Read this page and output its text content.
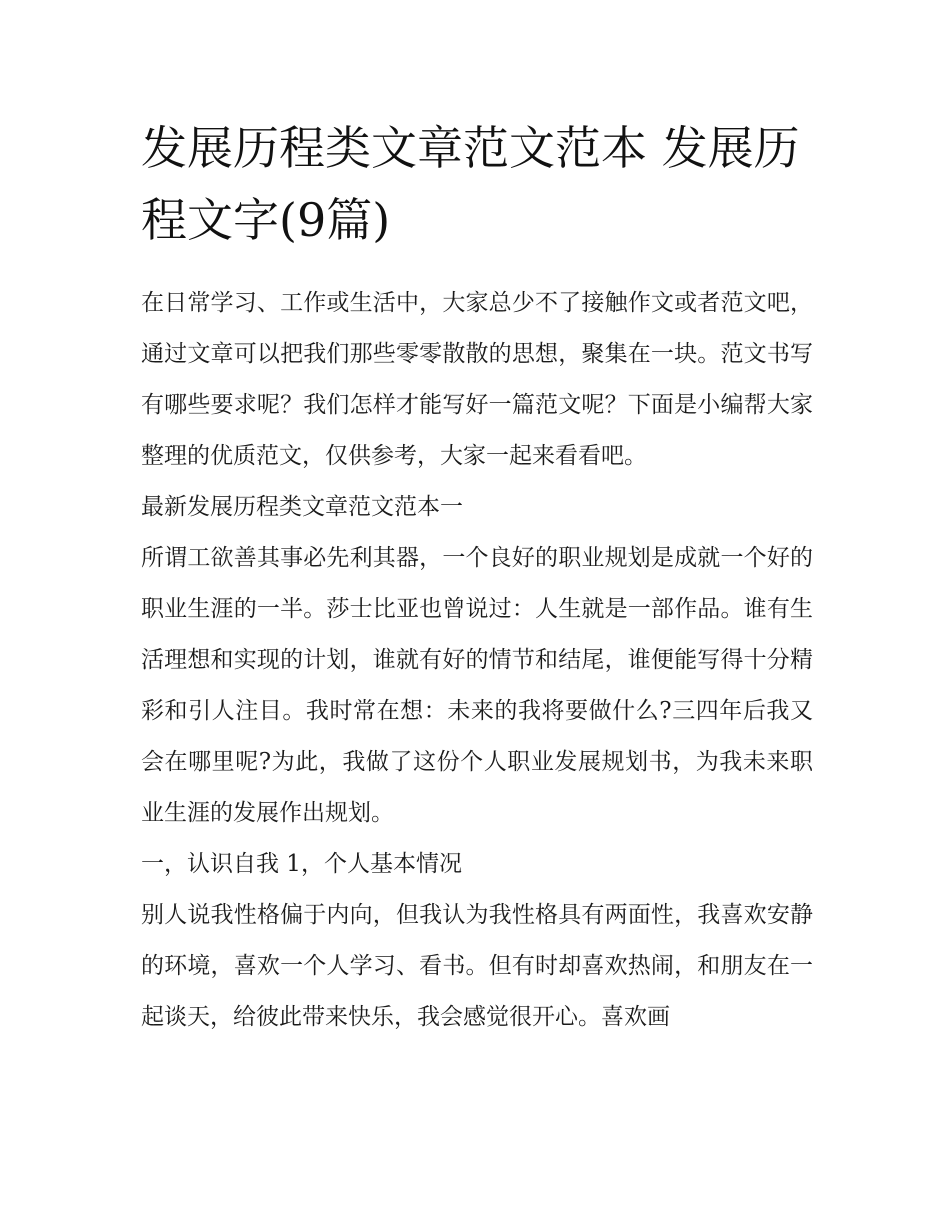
发展历程类文章范文范本 发展历程文字(9篇)

在日常学习、工作或生活中，大家总少不了接触作文或者范文吧，通过文章可以把我们那些零零散散的思想，聚集在一块。范文书写有哪些要求呢？我们怎样才能写好一篇范文呢？下面是小编帮大家整理的优质范文，仅供参考，大家一起来看看吧。

最新发展历程类文章范文范本一

所谓工欲善其事必先利其器，一个良好的职业规划是成就一个好的职业生涯的一半。莎士比亚也曾说过：人生就是一部作品。谁有生活理想和实现的计划，谁就有好的情节和结尾，谁便能写得十分精彩和引人注目。我时常在想：未来的我将要做什么?三四年后我又会在哪里呢?为此，我做了这份个人职业发展规划书，为我未来职业生涯的发展作出规划。

一，认识自我 1，个人基本情况

别人说我性格偏于内向，但我认为我性格具有两面性，我喜欢安静的环境，喜欢一个人学习、看书。但有时却喜欢热闹，和朋友在一起谈天，给彼此带来快乐，我会感觉很开心。喜欢画
